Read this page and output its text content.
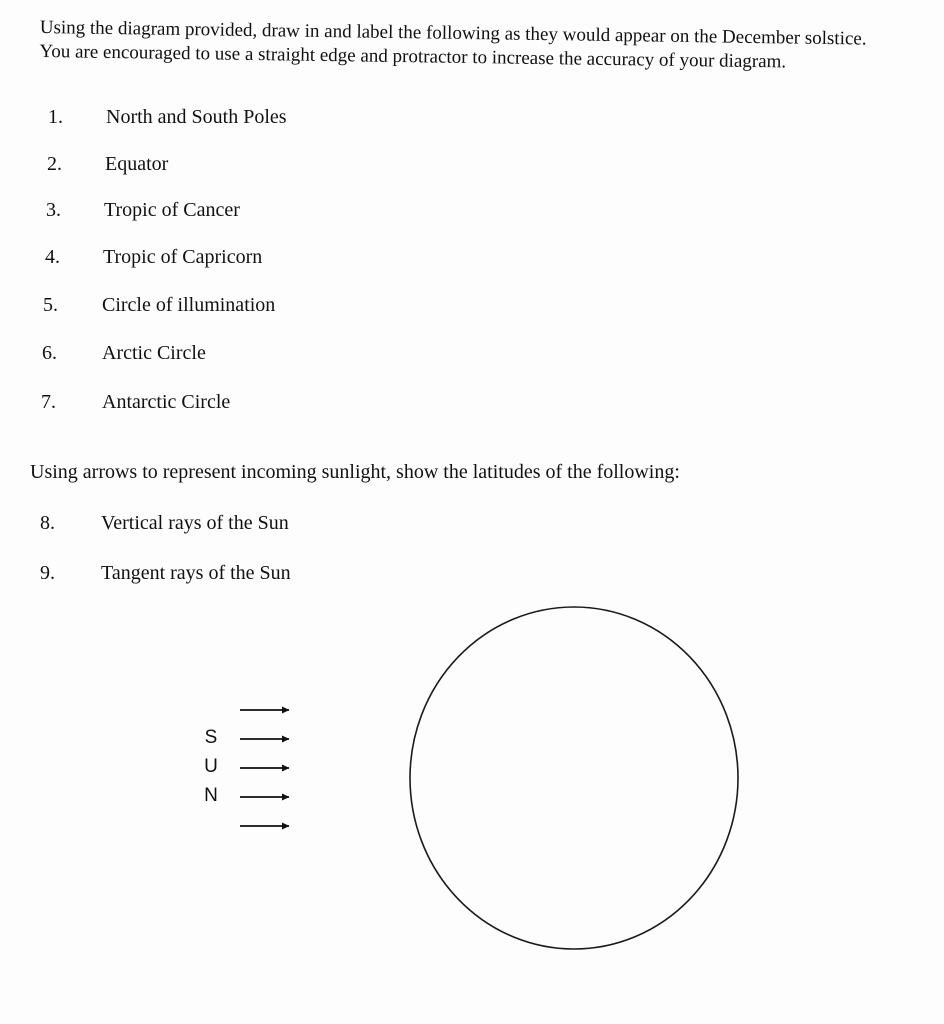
Using the diagram provided, draw in and label the following as they would appear on the December solstice. You are encouraged to use a straight edge and protractor to increase the accuracy of your diagram.

1. North and South Poles
2. Equator
3. Tropic of Cancer
4. Tropic of Capricorn
5. Circle of illumination
6. Arctic Circle
7. Antarctic Circle

Using arrows to represent incoming sunlight, show the latitudes of the following:

8. Vertical rays of the Sun
9. Tangent rays of the Sun
S
U
N
